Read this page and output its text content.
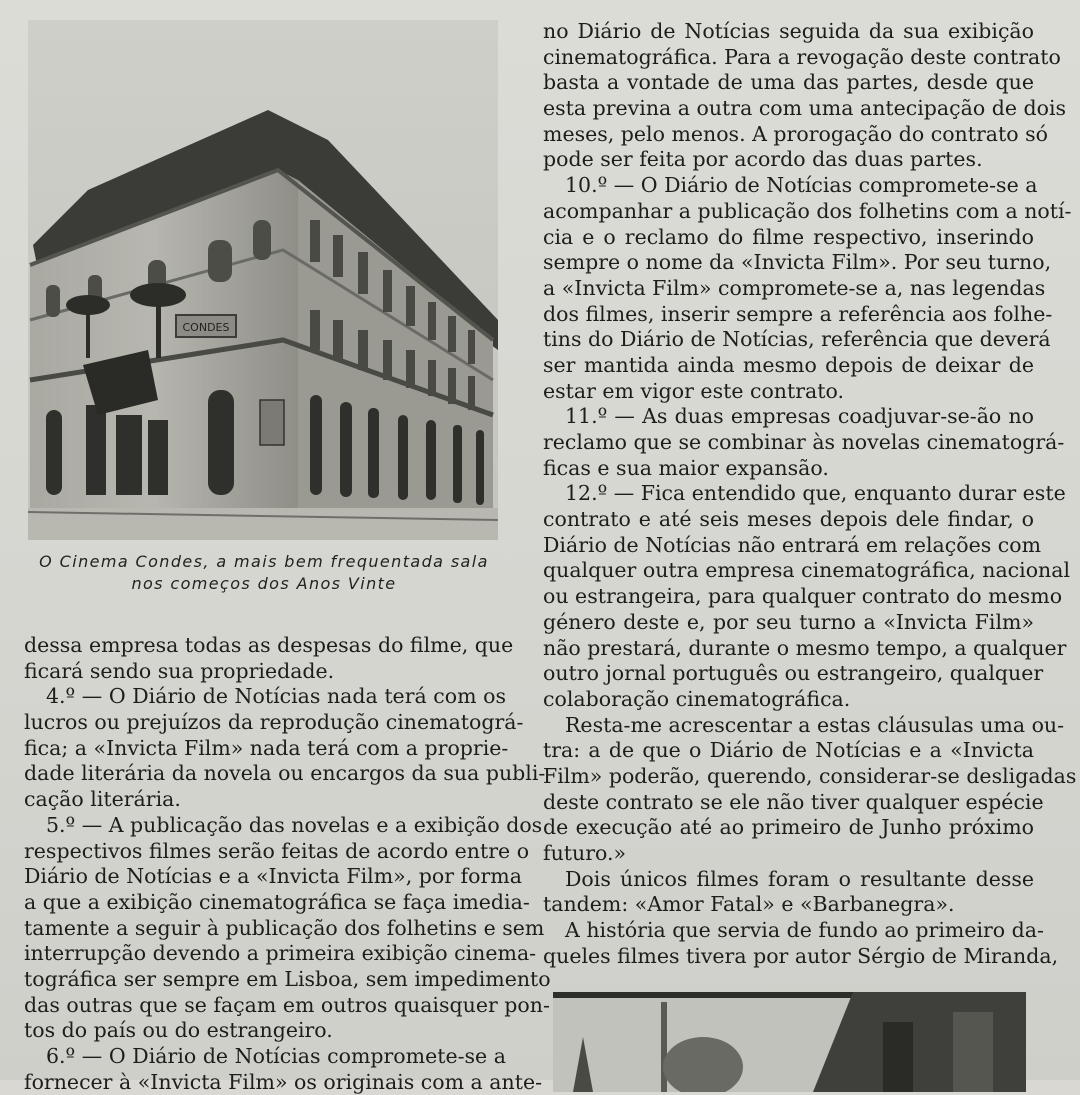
CONDES
O Cinema Condes, a mais bem frequentada sala
nos começos dos Anos Vinte
dessa empresa todas as despesas do filme, que
ficará sendo sua propriedade.
4.º — O Diário de Notícias nada terá com os
lucros ou prejuízos da reprodução cinematográ-
fica; a «Invicta Film» nada terá com a proprie-
dade literária da novela ou encargos da sua publi-
cação literária.
5.º — A publicação das novelas e a exibição dos
respectivos filmes serão feitas de acordo entre o
Diário de Notícias e a «Invicta Film», por forma
a que a exibição cinematográfica se faça imedia-
tamente a seguir à publicação dos folhetins e sem
interrupção devendo a primeira exibição cinema-
tográfica ser sempre em Lisboa, sem impedimento
das outras que se façam em outros quaisquer pon-
tos do país ou do estrangeiro.
6.º — O Diário de Notícias compromete-se a
fornecer à «Invicta Film» os originais com a ante-
no Diário de Notícias seguida da sua exibição
cinematográfica. Para a revogação deste contrato
basta a vontade de uma das partes, desde que
esta previna a outra com uma antecipação de dois
meses, pelo menos. A prorogação do contrato só
pode ser feita por acordo das duas partes.
10.º — O Diário de Notícias compromete-se a
acompanhar a publicação dos folhetins com a notí-
cia e o reclamo do filme respectivo, inserindo
sempre o nome da «Invicta Film». Por seu turno,
a «Invicta Film» compromete-se a, nas legendas
dos filmes, inserir sempre a referência aos folhe-
tins do Diário de Notícias, referência que deverá
ser mantida ainda mesmo depois de deixar de
estar em vigor este contrato.
11.º — As duas empresas coadjuvar-se-ão no
reclamo que se combinar às novelas cinematográ-
ficas e sua maior expansão.
12.º — Fica entendido que, enquanto durar este
contrato e até seis meses depois dele findar, o
Diário de Notícias não entrará em relações com
qualquer outra empresa cinematográfica, nacional
ou estrangeira, para qualquer contrato do mesmo
género deste e, por seu turno a «Invicta Film»
não prestará, durante o mesmo tempo, a qualquer
outro jornal português ou estrangeiro, qualquer
colaboração cinematográfica.
Resta-me acrescentar a estas cláusulas uma ou-
tra: a de que o Diário de Notícias e a «Invicta
Film» poderão, querendo, considerar-se desligadas
deste contrato se ele não tiver qualquer espécie
de execução até ao primeiro de Junho próximo
futuro.»
Dois únicos filmes foram o resultante desse
tandem: «Amor Fatal» e «Barbanegra».
A história que servia de fundo ao primeiro da-
queles filmes tivera por autor Sérgio de Miranda,
